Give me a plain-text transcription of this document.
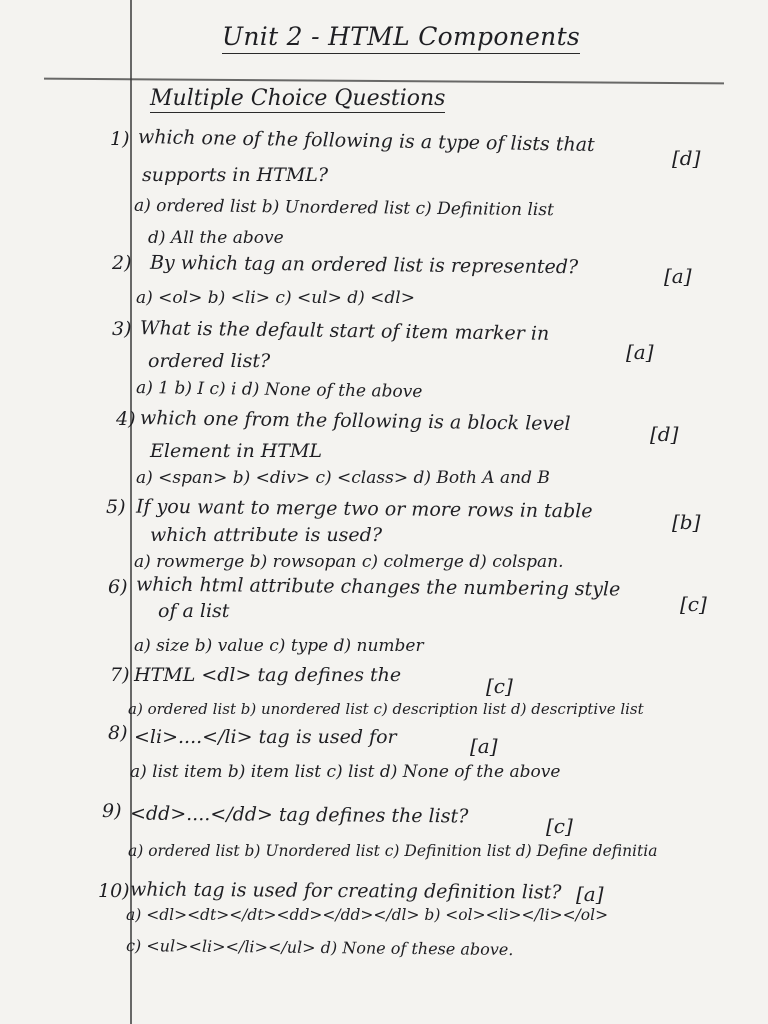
Unit 2 - HTML Components
Multiple Choice Questions
1) which one of the following is a type of lists that
[d]
supports in HTML?
a) ordered list b) Unordered list c) Definition list
d) All the above
2) By which tag an ordered list is represented?	[a]
a) <ol> b) <li> c) <ul> d) <dl>
3) What is the default start of item marker in
[a]
ordered list?
a) 1 b) I c) i d) None of the above
4) which one from the following is a block level	[d]
Element in HTML
a) <span> b) <div> c) <class> d) Both A and B
5) If you want to merge two or more rows in table	[b]
which attribute is used?
a) rowmerge b) rowsopan c) colmerge d) colspan.
6) which html attribute changes the numbering style
[c]
of a list
a) size b) value c) type d) number
7) HTML <dl> tag defines the	[c]
a) ordered list b) unordered list c) description list d) descriptive list
8) <li>....</li> tag is used for	[a]
a) list item b) item list c) list d) None of the above
9) <dd>....</dd> tag defines the list?	[c]
a) ordered list b) Unordered list c) Definition list d) Define definitia
10) which tag is used for creating definition list? [a]
a) <dl><dt></dt><dd></dd></dl> b) <ol><li></li></ol>
c) <ul><li></li></ul> d) None of these above.
